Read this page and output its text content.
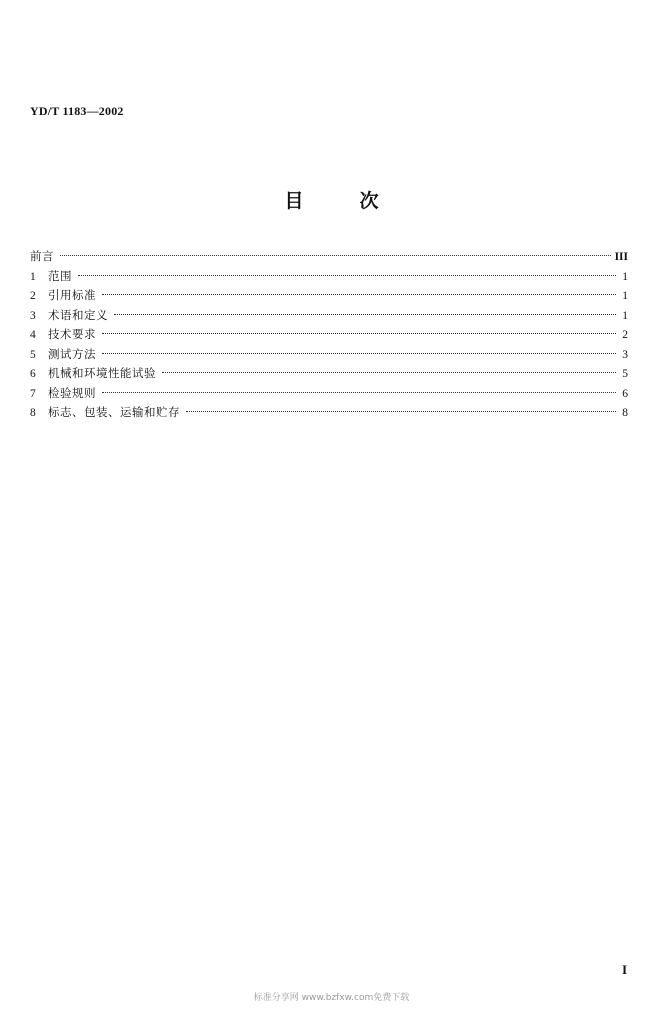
YD/T 1183—2002
目	次
前言	III
1	范围	1
2	引用标准	1
3	术语和定义	1
4	技术要求	2
5	测试方法	3
6	机械和环境性能试验	5
7	检验规则	6
8	标志、包装、运输和贮存	8
I
标准分享网 www.bzfxw.com免费下载
